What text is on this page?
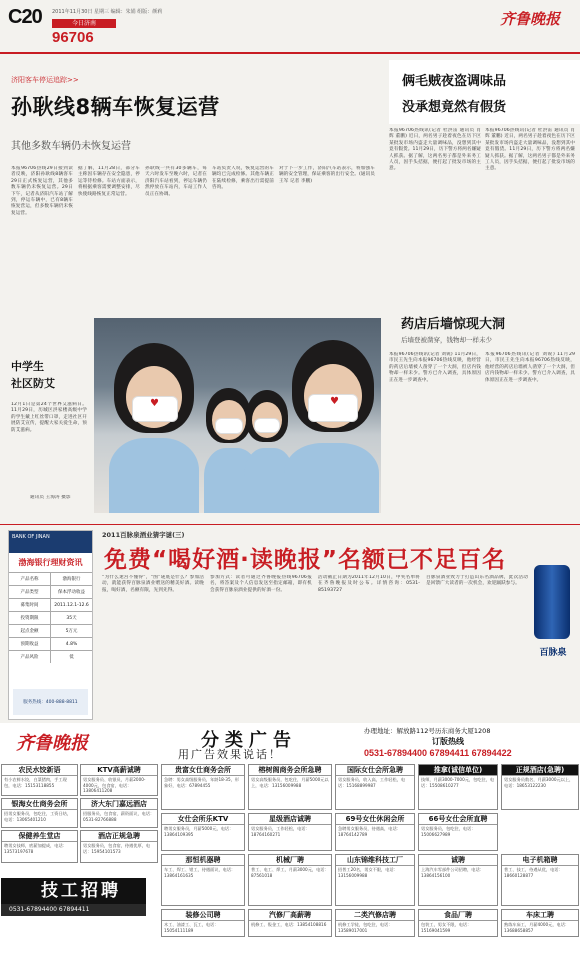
C20 2011年11月30日 星期三 编辑：朱娟 组版：颜莉
今日济南
96706
齐鲁晚报
济阳客车停运追踪>>
孙耿线8辆车恢复运营
其他多数车辆仍未恢复运营
本报96706热线29日接到读者反映，济阳孙耿线8辆客车29日正式恢复运营，其他多数车辆仍未恢复运营。29日下午，记者从济阳汽车站了解到，停运车辆中，已有8辆车恢复营运，但多数车辆仍未恢复运营。
据了解，11月28日，部分车主称因车辆存在安全隐患，停运等待检修。车站方面表示，将根据乘客需要调整安排，尽快使线路恢复正常运营。
孙耿线一共有30多辆车，每天六时发车至晚六时，记者在济阳汽车站看到，停运车辆仍然停放在车站内，车站工作人员正在协调。
车站负责人说，恢复运营的车辆均已完成检修。其他车辆正在陆续检修，乘客出行需提前咨询。
对于下一步工作，济阳汽车站表示，将加强车辆的安全管理，保证乘客的出行安全。(通讯员 王军 记者 李鹏)
俩毛贼夜盗调味品
没承想竟然有假货
本报96706热线讯(记者 杜洪雷 通讯员 肖辉 董鹏) 近日，两名男子趁着夜色在历下区某批发市场内盗走大量调味品，没想到其中竟有假货。11月29日，历下警方将两名嫌疑人抓获。据了解，这两名男子都是外来务工人员，因手头拮据，便打起了批发市场的主意。
本报96706热线讯(记者 杜洪雷 通讯员 肖辉 董鹏) 近日，两名男子趁着夜色在历下区某批发市场内盗走大量调味品，没想到其中竟有假货。11月29日，历下警方将两名嫌疑人抓获。据了解，这两名男子都是外来务工人员，因手头拮据，便打起了批发市场的主意。
药店后墙惊现大洞
后墙登被凿穿，钱物却一样未少
本报96706热线讯(记者 刘锐) 11月29日，市民王先生向本报96706热线反映，他经营的药店后墙被人凿穿了一个大洞，但店内钱物却一样未少。警方已介入调查，具体原因正在进一步调查中。
本报96706热线讯(记者 刘锐) 11月29日，市民王先生向本报96706热线反映，他经营的药店后墙被人凿穿了一个大洞，但店内钱物却一样未少。警方已介入调查，具体原因正在进一步调查中。
♥	♥
中学生
社区防艾
12月1日是第24个世界艾滋病日。11月29日，历城区洪家楼高级中学的学生戴上红丝带口罩，走进社区开展防艾宣传，提醒大家关爱生命，预防艾滋病。
通讯员 王海涛 摄影
BANK OF JINAN
渤海银行理财资讯
产品名称	渤海银行
产品类型	保本浮动收益
募集时间	2011.12.1-12.6
投资期限	35天
起点金额	5万元
预期收益	4.8%
产品风险	低
服务热线：400-888-8811
2011百脉泉酒业猜字谜(三)
免费“喝好酒·读晚报”名额已不足百名
“为什么迷宫不懂得”，“图”谜底是什么？参加活动，就能获得百脉泉酒业赠送的精美好酒。读晚报，喝好酒，名额有限，先到先得。
参加方式：读者可通过齐鲁晚报热线96706报名，将答案及个人信息发送至指定邮箱，即有机会获得百脉泉酒业提供的好酒一份。
活动截止日期为2011年12月10日，中奖名单将在齐鲁晚报及时公布。详情咨询：0531-85193727
百脉泉酒业致力于打造山东名酒品牌，此次活动是回馈广大读者的一次机会，欢迎踊跃参与。
百脉泉
齐鲁晚报	分类广告
用广告效果说话！
办理地址：解放路112号历东商务大厦1208
订版热线
0531-67894400 67894411 67894422
农民水饺新语
有小农鲜水饺，白菜猪肉，手工现包，电话：15153118855
KTV高薪诚聘
男女服务员、收银员，月薪2000-4000元，包食宿，电话：13806411208
贵富女仕商务会所
急聘：男女高级服务员，年龄18-35，形象好，电话：67894455
榕树阁商务会所急聘
男女高级服务员，包吃住，月薪5000元以上，电话：13156009988
国际女仕会所急聘
男女服务员，收入高，工作轻松，电话：15168899987
推拿(诚信单位)
技师，月薪3000-7000元，包吃住，电话：15508610277
正规酒店(急聘)
男女服务员数名，月薪3000元以上，电话：18653122230
银海女仕商务会所
招男女服务员，包吃住，工资日结，电话：13065401210
济大东门嘉远酒店
招服务员，包食宿，薪资面议，电话：0531-82766888
保健养生堂店
聘男女技师，底薪加提成，电话：13573197678
酒店正规急聘
男女服务员，包食宿，待遇优厚，电话：15954101573
女仕会所乐KTV
聘男女服务员，月薪5000元，电话：13864109395
星级酒店诚聘
男女服务员，工作轻松，电话：18764160271
69号女仕休闲会所
急聘男女服务员，待遇高，电话：18764142789
66号女仕会所直聘
男女服务员，包吃住，电话：15006627989
那恒机器聘
车工、焊工、钳工，待遇面议，电话：13864161635
机械厂聘
普工、电工、焊工，月薪3000元，电话：87561018
山东锦维科技工厂
招普工20名，男女不限，电话：13156009988
诚聘
上海汽车零部件公司招聘，电话：13864156100
电子机箱聘
普工、技工，待遇从优，电话：18660128877
装修公司聘
木工、油漆工、瓦工，电话：15054111189
汽修厂高薪聘
机修工、钣金工，电话：13854108816
二类汽修店聘
机修工学徒，包吃住，电话：13589017001
食品厂聘
包装工，男女不限，电话：15169041599
车床工聘
熟练车床工，月薪4000元，电话：13688658857
技工招聘
0531-67894400 67894411
